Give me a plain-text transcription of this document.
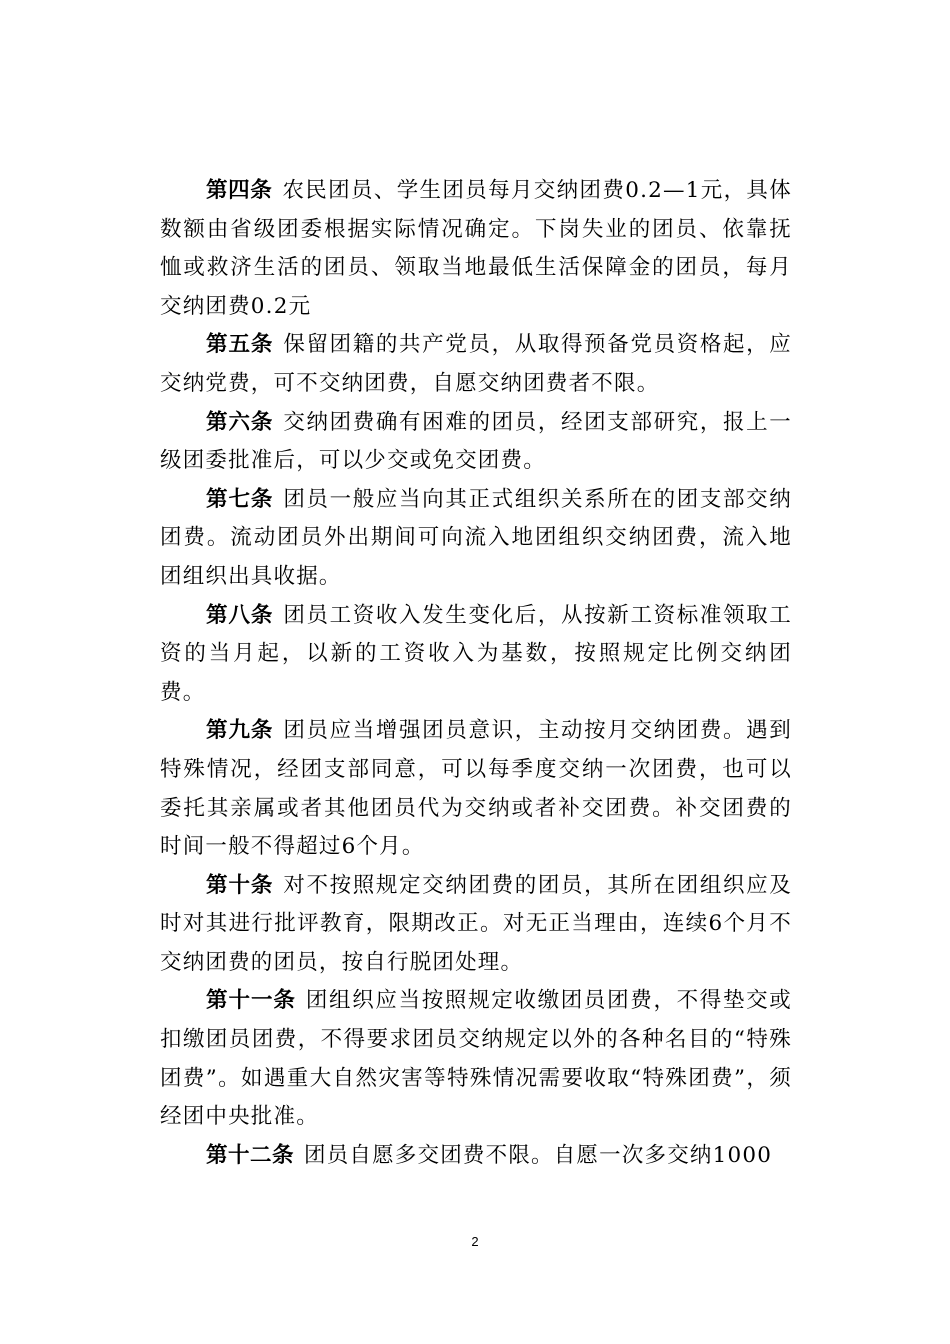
第四条 农民团员、学生团员每月交纳团费0.2—1元，具体数额由省级团委根据实际情况确定。下岗失业的团员、依靠抚恤或救济生活的团员、领取当地最低生活保障金的团员，每月交纳团费0.2元

第五条 保留团籍的共产党员，从取得预备党员资格起，应交纳党费，可不交纳团费，自愿交纳团费者不限。

第六条 交纳团费确有困难的团员，经团支部研究，报上一级团委批准后，可以少交或免交团费。

第七条 团员一般应当向其正式组织关系所在的团支部交纳团费。流动团员外出期间可向流入地团组织交纳团费，流入地团组织出具收据。

第八条 团员工资收入发生变化后，从按新工资标准领取工资的当月起，以新的工资收入为基数，按照规定比例交纳团费。

第九条 团员应当增强团员意识，主动按月交纳团费。遇到特殊情况，经团支部同意，可以每季度交纳一次团费，也可以委托其亲属或者其他团员代为交纳或者补交团费。补交团费的时间一般不得超过6个月。

第十条 对不按照规定交纳团费的团员，其所在团组织应及时对其进行批评教育，限期改正。对无正当理由，连续6个月不交纳团费的团员，按自行脱团处理。

第十一条 团组织应当按照规定收缴团员团费，不得垫交或扣缴团员团费，不得要求团员交纳规定以外的各种名目的“特殊团费”。如遇重大自然灾害等特殊情况需要收取“特殊团费”，须经团中央批准。

第十二条 团员自愿多交团费不限。自愿一次多交纳1000

2
